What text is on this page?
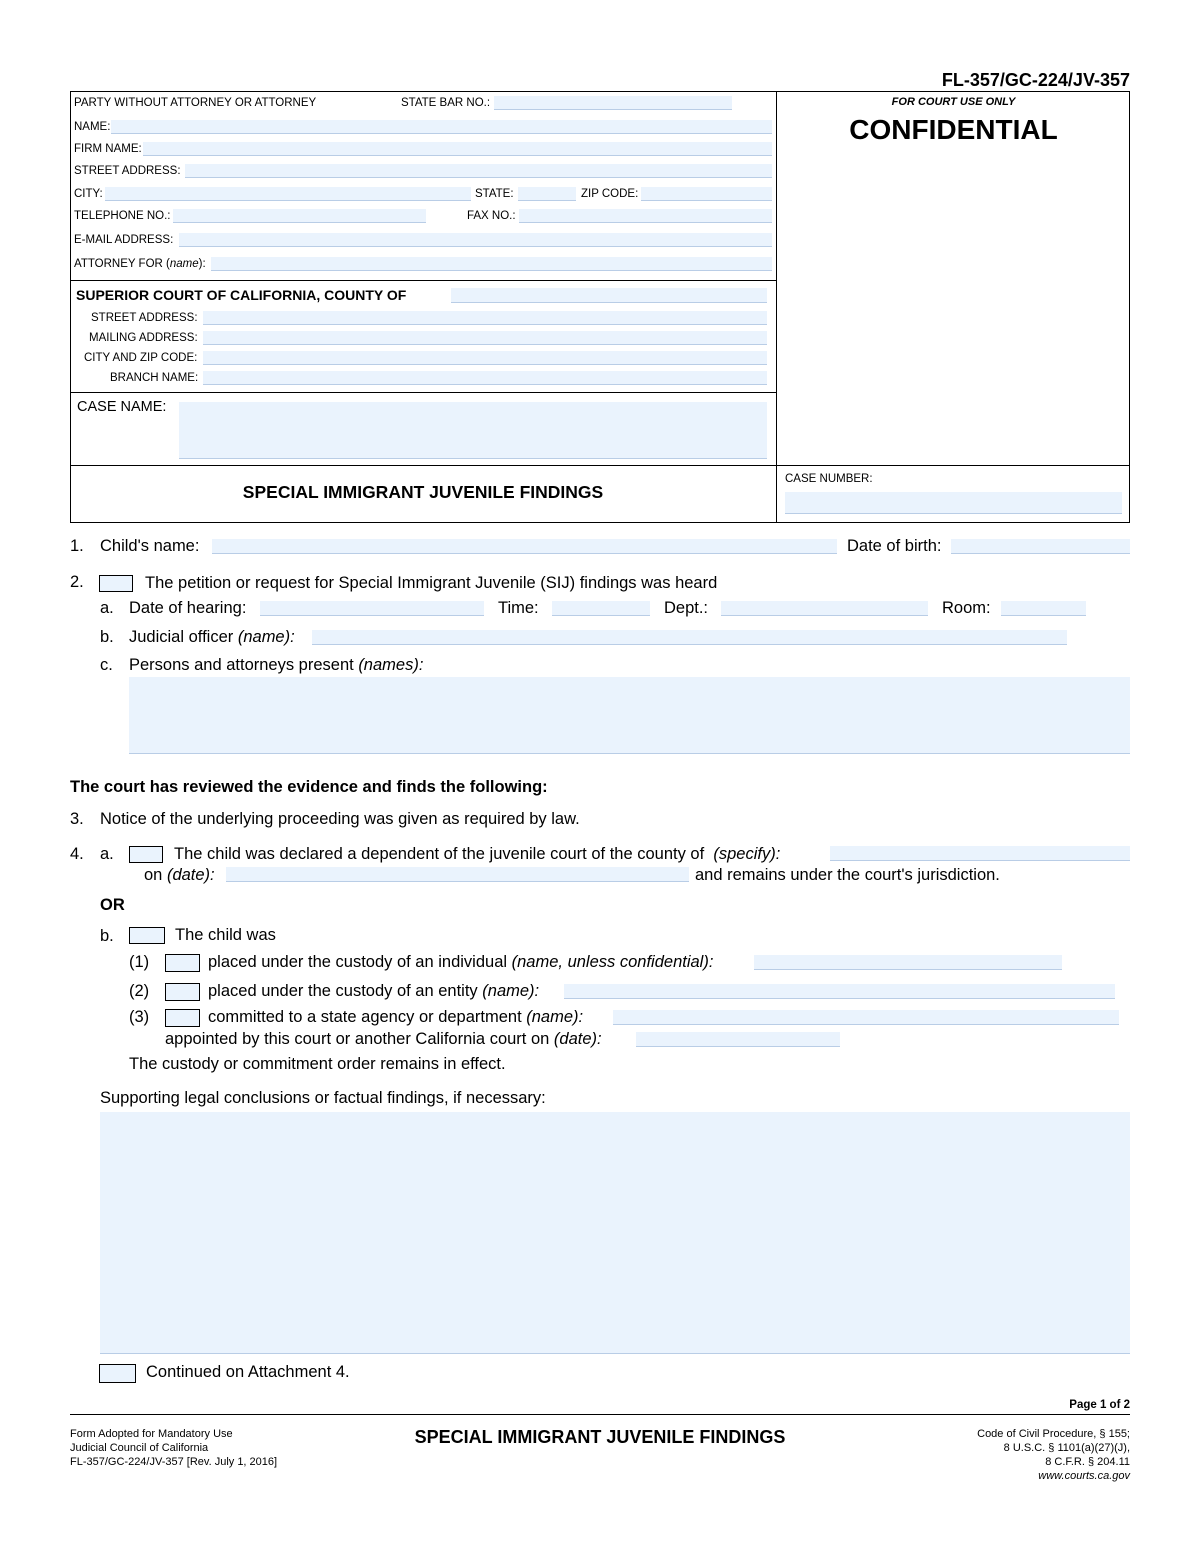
FL-357/GC-224/JV-357
PARTY WITHOUT ATTORNEY OR ATTORNEY	STATE BAR NO.:
NAME:
FIRM NAME:
STREET ADDRESS:
CITY:	STATE:	ZIP CODE:
TELEPHONE NO.:	FAX NO.:
E-MAIL ADDRESS:
ATTORNEY FOR (name):
SUPERIOR COURT OF CALIFORNIA, COUNTY OF
STREET ADDRESS:
MAILING ADDRESS:
CITY AND ZIP CODE:
BRANCH NAME:
CASE NAME:
FOR COURT USE ONLY
CONFIDENTIAL
SPECIAL IMMIGRANT JUVENILE FINDINGS
CASE NUMBER:
1. Child's name:	Date of birth:
2.	The petition or request for Special Immigrant Juvenile (SIJ) findings was heard
a. Date of hearing:	Time:	Dept.:	Room:
b. Judicial officer (name):
c. Persons and attorneys present (names):
The court has reviewed the evidence and finds the following:
3. Notice of the underlying proceeding was given as required by law.
4. a.	The child was declared a dependent of the juvenile court of the county of (specify):
on (date):	and remains under the court's jurisdiction.
OR
b.	The child was
(1)	placed under the custody of an individual (name, unless confidential):
(2)	placed under the custody of an entity (name):
(3)	committed to a state agency or department (name):
appointed by this court or another California court on (date):
The custody or commitment order remains in effect.
Supporting legal conclusions or factual findings, if necessary:
Continued on Attachment 4.
Page 1 of 2
Form Adopted for Mandatory Use
Judicial Council of California
FL-357/GC-224/JV-357 [Rev. July 1, 2016]
SPECIAL IMMIGRANT JUVENILE FINDINGS	Code of Civil Procedure, § 155;
8 U.S.C. § 1101(a)(27)(J),
8 C.F.R. § 204.11
www.courts.ca.gov
